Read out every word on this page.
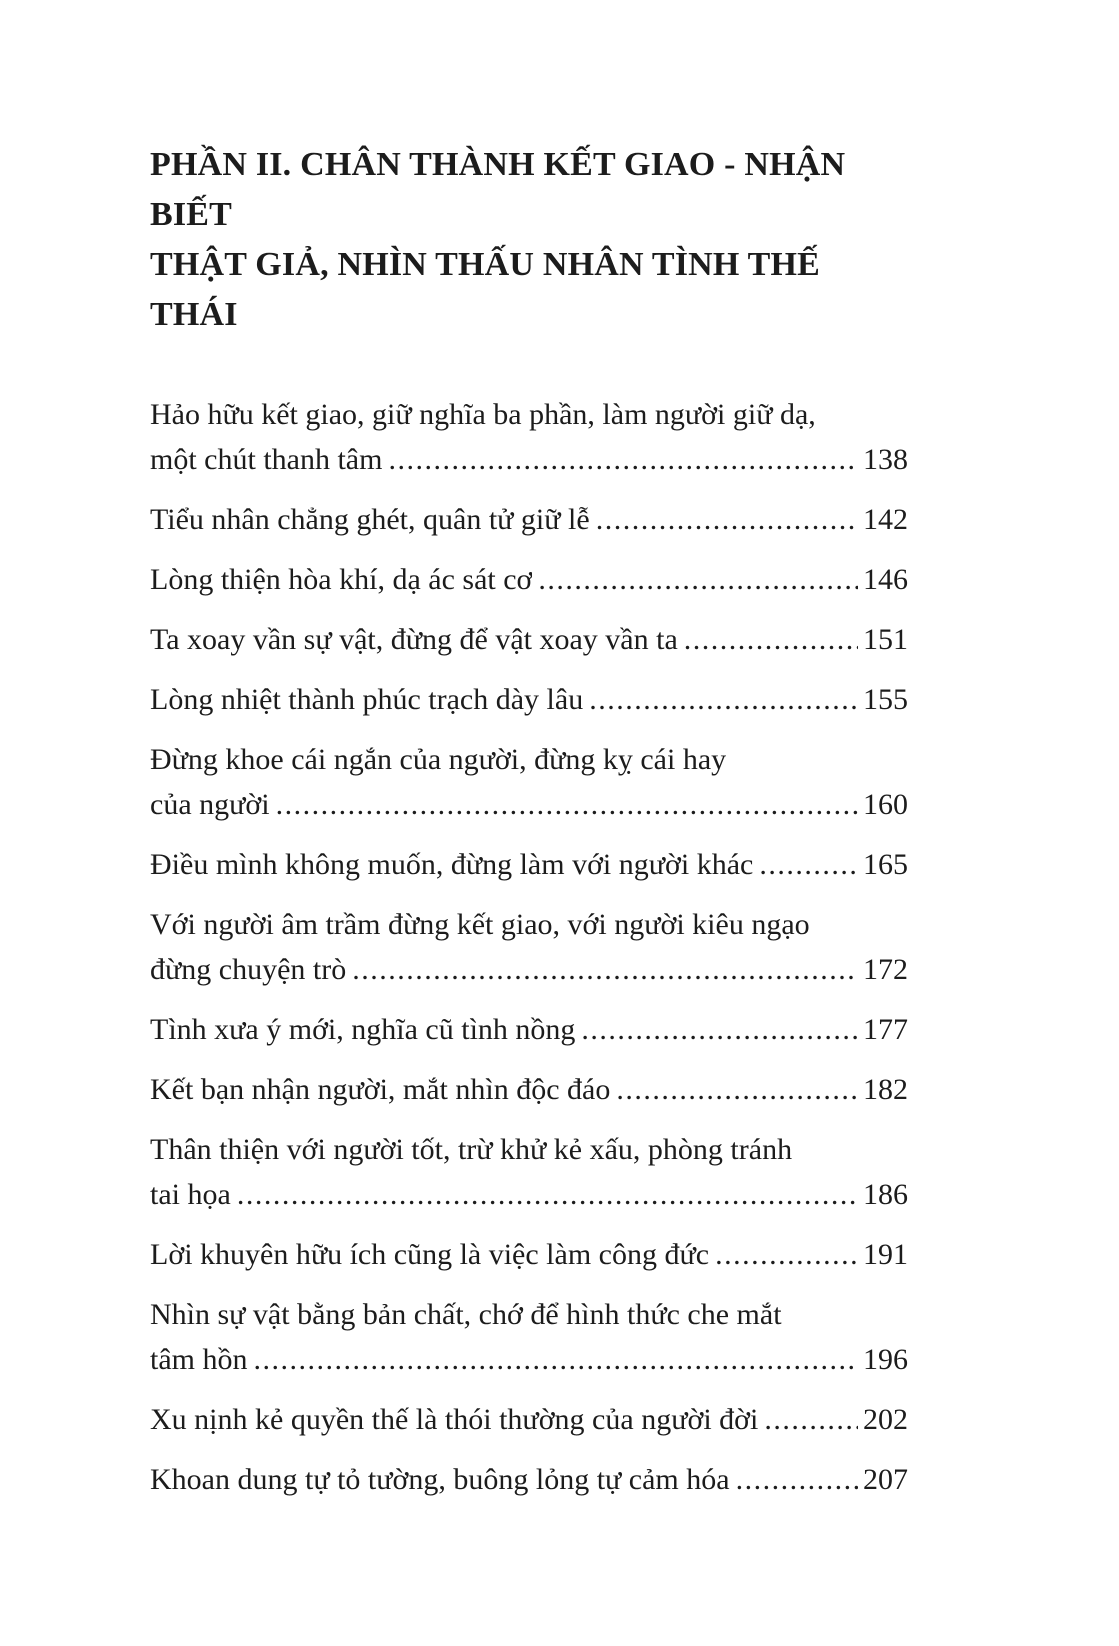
PHẦN II. CHÂN THÀNH KẾT GIAO - NHẬN BIẾT
THẬT GIẢ, NHÌN THẤU NHÂN TÌNH THẾ THÁI
Hảo hữu kết giao, giữ nghĩa ba phần, làm người giữ dạ,
một chút thanh tâm .....	138
Tiểu nhân chẳng ghét, quân tử giữ lễ .....	142
Lòng thiện hòa khí, dạ ác sát cơ .....	146
Ta xoay vần sự vật, đừng để vật xoay vần ta .....	151
Lòng nhiệt thành phúc trạch dày lâu .....	155
Đừng khoe cái ngắn của người, đừng kỵ cái hay
của người .....	160
Điều mình không muốn, đừng làm với người khác .....	165
Với người âm trầm đừng kết giao, với người kiêu ngạo
đừng chuyện trò .....	172
Tình xưa ý mới, nghĩa cũ tình nồng .....	177
Kết bạn nhận người, mắt nhìn độc đáo .....	182
Thân thiện với người tốt, trừ khử kẻ xấu, phòng tránh
tai họa .....	186
Lời khuyên hữu ích cũng là việc làm công đức .....	191
Nhìn sự vật bằng bản chất, chớ để hình thức che mắt
tâm hồn .....	196
Xu nịnh kẻ quyền thế là thói thường của người đời .....	202
Khoan dung tự tỏ tường, buông lỏng tự cảm hóa .....	207
